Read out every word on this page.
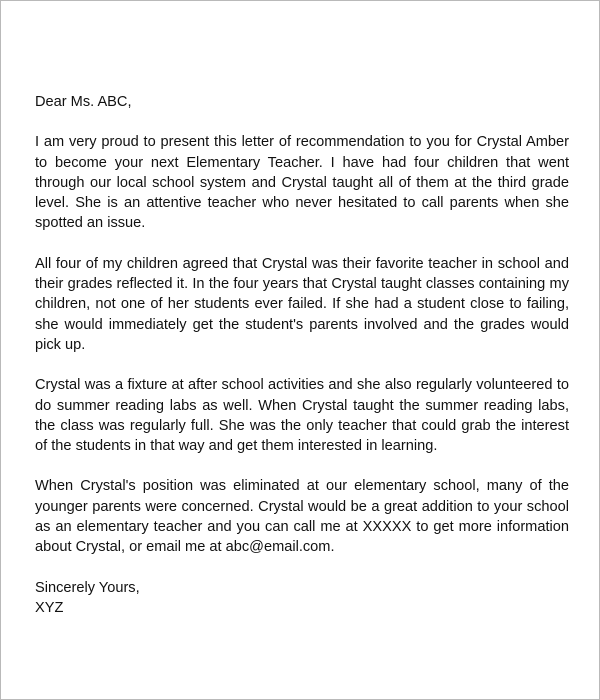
Dear Ms. ABC,

I am very proud to present this letter of recommendation to you for Crystal Amber to become your next Elementary Teacher. I have had four children that went through our local school system and Crystal taught all of them at the third grade level. She is an attentive teacher who never hesitated to call parents when she spotted an issue.

All four of my children agreed that Crystal was their favorite teacher in school and their grades reflected it. In the four years that Crystal taught classes containing my children, not one of her students ever failed. If she had a student close to failing, she would immediately get the student's parents involved and the grades would pick up.

Crystal was a fixture at after school activities and she also regularly volunteered to do summer reading labs as well. When Crystal taught the summer reading labs, the class was regularly full. She was the only teacher that could grab the interest of the students in that way and get them interested in learning.

When Crystal's position was eliminated at our elementary school, many of the younger parents were concerned. Crystal would be a great addition to your school as an elementary teacher and you can call me at XXXXX to get more information about Crystal, or email me at abc@email.com.

Sincerely Yours,

XYZ
